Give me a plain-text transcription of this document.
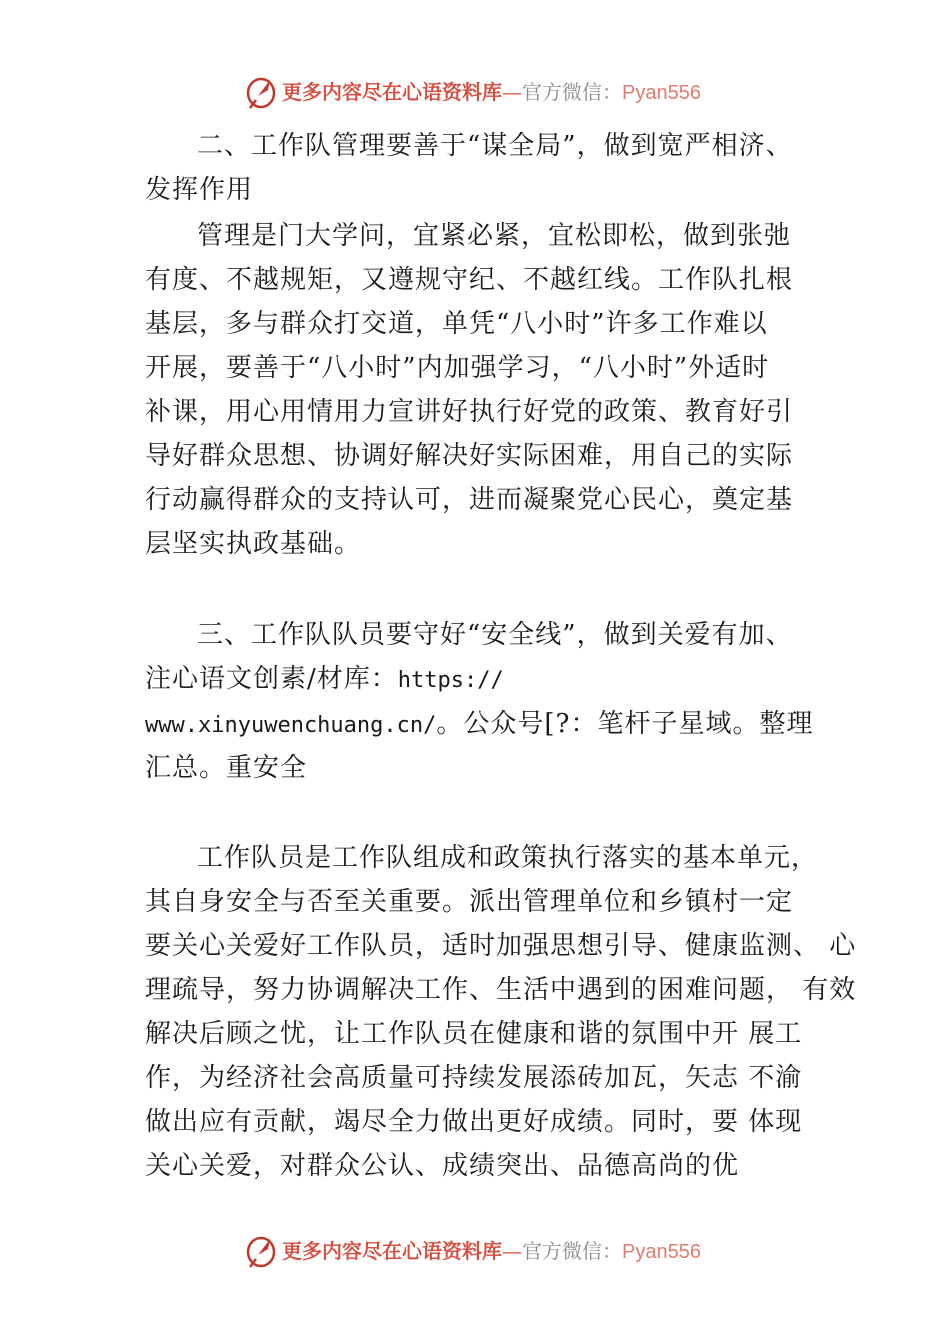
更多内容尽在心语资料库—官方微信：Pyan556
二、工作队管理要善于“谋全局”，做到宽严相济、
发挥作用
管理是门大学问，宜紧必紧，宜松即松，做到张弛
有度、不越规矩，又遵规守纪、不越红线。工作队扎根
基层，多与群众打交道，单凭“八小时”许多工作难以
开展，要善于“八小时”内加强学习，“八小时”外适时
补课，用心用情用力宣讲好执行好党的政策、教育好引
导好群众思想、协调好解决好实际困难，用自己的实际
行动赢得群众的支持认可，进而凝聚党心民心，奠定基
层坚实执政基础。
三、工作队队员要守好“安全线”，做到关爱有加、
注心语文创素/材库：https://
www.xinyuwenchuang.cn/。公众号[?：笔杆子星域。整理
汇总。重安全
工作队员是工作队组成和政策执行落实的基本单元，
其自身安全与否至关重要。派出管理单位和乡镇村一定
要关心关爱好工作队员，适时加强思想引导、健康监测、 心
理疏导，努力协调解决工作、生活中遇到的困难问题， 有效
解决后顾之忧，让工作队员在健康和谐的氛围中开 展工
作，为经济社会高质量可持续发展添砖加瓦，矢志 不渝
做出应有贡献，竭尽全力做出更好成绩。同时，要 体现
关心关爱，对群众公认、成绩突出、品德高尚的优
更多内容尽在心语资料库—官方微信：Pyan556
